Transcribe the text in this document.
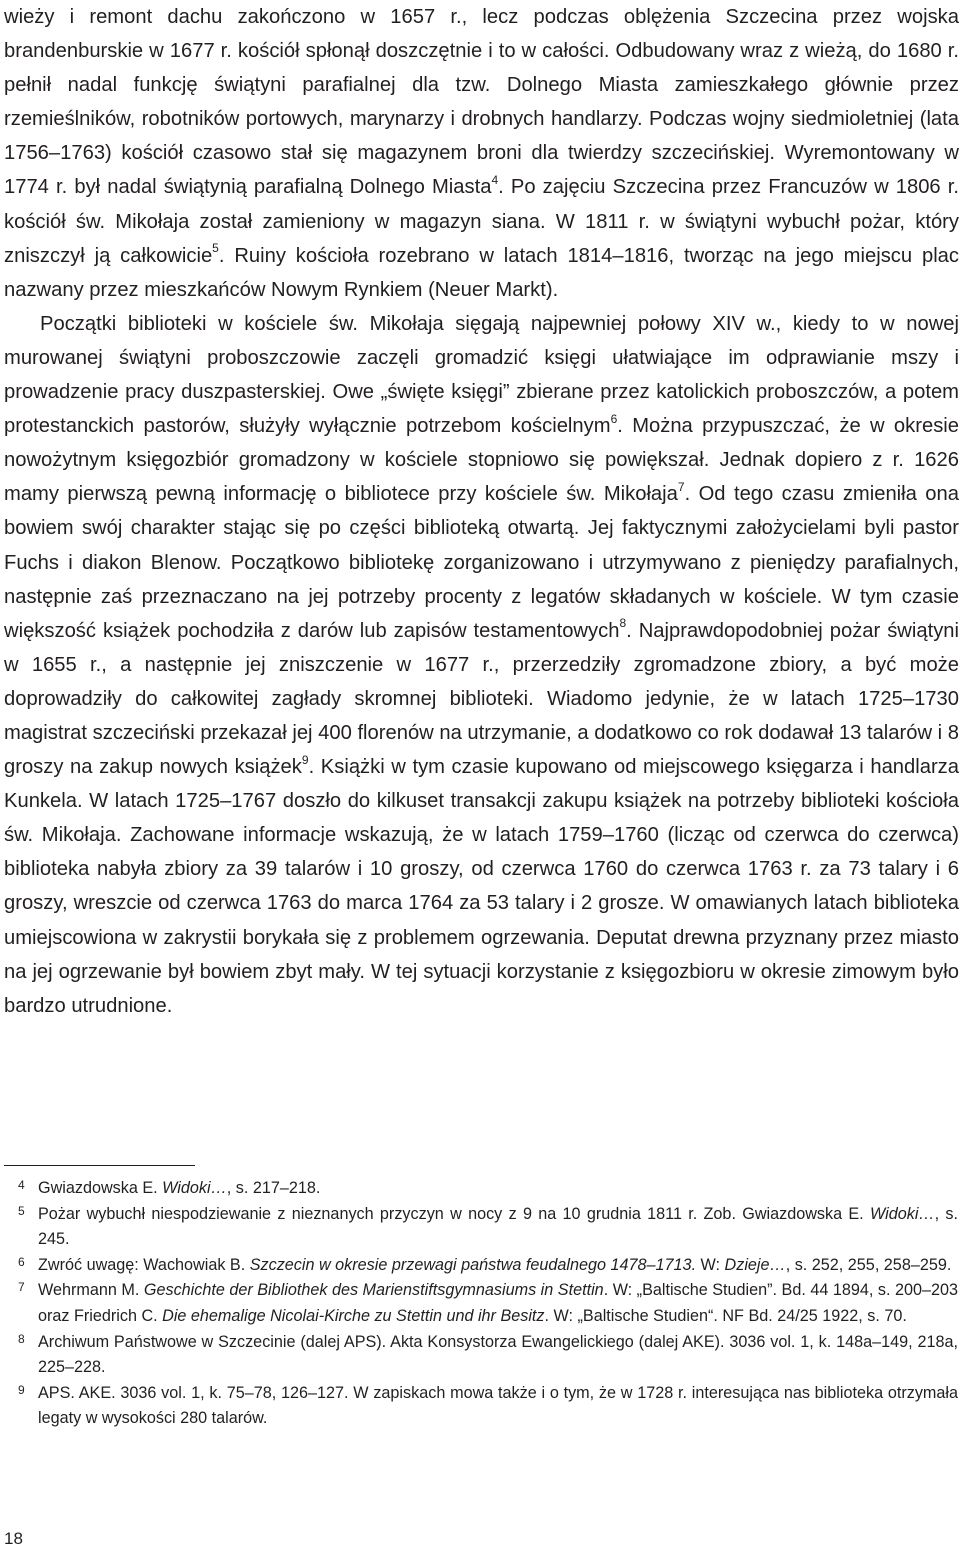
wieży i remont dachu zakończono w 1657 r., lecz podczas oblężenia Szczecina przez wojska brandenburskie w 1677 r. kościół spłonął doszczętnie i to w całości. Odbudowany wraz z wieżą, do 1680 r. pełnił nadal funkcję świątyni parafialnej dla tzw. Dolnego Miasta zamieszkałego głównie przez rzemieślników, robotników portowych, marynarzy i drobnych handlarzy. Podczas wojny siedmioletniej (lata 1756–1763) kościół czasowo stał się magazynem broni dla twierdzy szczecińskiej. Wyremontowany w 1774 r. był nadal świątynią parafialną Dolnego Miasta$^4$. Po zajęciu Szczecina przez Francuzów w 1806 r. kościół św. Mikołaja został zamieniony w magazyn siana. W 1811 r. w świątyni wybuchł pożar, który zniszczył ją całkowicie$^5$. Ruiny kościoła rozebrano w latach 1814–1816, tworząc na jego miejscu plac nazwany przez mieszkańców Nowym Rynkiem (Neuer Markt).

Początki biblioteki w kościele św. Mikołaja sięgają najpewniej połowy XIV w., kiedy to w nowej murowanej świątyni proboszczowie zaczęli gromadzić księgi ułatwiające im odprawianie mszy i prowadzenie pracy duszpasterskiej. Owe „święte księgi” zbierane przez katolickich proboszczów, a potem protestanckich pastorów, służyły wyłącznie potrzebom kościelnym$^6$. Można przypuszczać, że w okresie nowożytnym księgozbiór gromadzony w kościele stopniowo się powiększał. Jednak dopiero z r. 1626 mamy pierwszą pewną informację o bibliotece przy kościele św. Mikołaja$^7$. Od tego czasu zmieniła ona bowiem swój charakter stając się po części biblioteką otwartą. Jej faktycznymi założycielami byli pastor Fuchs i diakon Blenow. Początkowo bibliotekę zorganizowano i utrzymywano z pieniędzy parafialnych, następnie zaś przeznaczano na jej potrzeby procenty z legatów składanych w kościele. W tym czasie większość książek pochodziła z darów lub zapisów testamentowych$^8$. Najprawdopodobniej pożar świątyni w 1655 r., a następnie jej zniszczenie w 1677 r., przerzedziły zgromadzone zbiory, a być może doprowadziły do całkowitej zagłady skromnej biblioteki. Wiadomo jedynie, że w latach 1725–1730 magistrat szczeciński przekazał jej 400 florenów na utrzymanie, a dodatkowo co rok dodawał 13 talarów i 8 groszy na zakup nowych książek$^9$. Książki w tym czasie kupowano od miejscowego księgarza i handlarza Kunkela. W latach 1725–1767 doszło do kilkuset transakcji zakupu książek na potrzeby biblioteki kościoła św. Mikołaja. Zachowane informacje wskazują, że w latach 1759–1760 (licząc od czerwca do czerwca) biblioteka nabyła zbiory za 39 talarów i 10 groszy, od czerwca 1760 do czerwca 1763 r. za 73 talary i 6 groszy, wreszcie od czerwca 1763 do marca 1764 za 53 talary i 2 grosze. W omawianych latach biblioteka umiejscowiona w zakrystii borykała się z problemem ogrzewania. Deputat drewna przyznany przez miasto na jej ogrzewanie był bowiem zbyt mały. W tej sytuacji korzystanie z księgozbioru w okresie zimowym było bardzo utrudnione.

4 Gwiazdowska E. Widoki…, s. 217–218.
5 Pożar wybuchł niespodziewanie z nieznanych przyczyn w nocy z 9 na 10 grudnia 1811 r. Zob. Gwiazdowska E. Widoki…, s. 245.
6 Zwróć uwagę: Wachowiak B. Szczecin w okresie przewagi państwa feudalnego 1478–1713. W: Dzieje…, s. 252, 255, 258–259.
7 Wehrmann M. Geschichte der Bibliothek des Marienstiftsgymnasiums in Stettin. W: „Baltische Studien”. Bd. 44 1894, s. 200–203 oraz Friedrich C. Die ehemalige Nicolai-Kirche zu Stettin und ihr Besitz. W: „Baltische Studien“. NF Bd. 24/25 1922, s. 70.
8 Archiwum Państwowe w Szczecinie (dalej APS). Akta Konsystorza Ewangelickiego (dalej AKE). 3036 vol. 1, k. 148a–149, 218a, 225–228.
9 APS. AKE. 3036 vol. 1, k. 75–78, 126–127. W zapiskach mowa także i o tym, że w 1728 r. interesująca nas biblioteka otrzymała legaty w wysokości 280 talarów.
18
